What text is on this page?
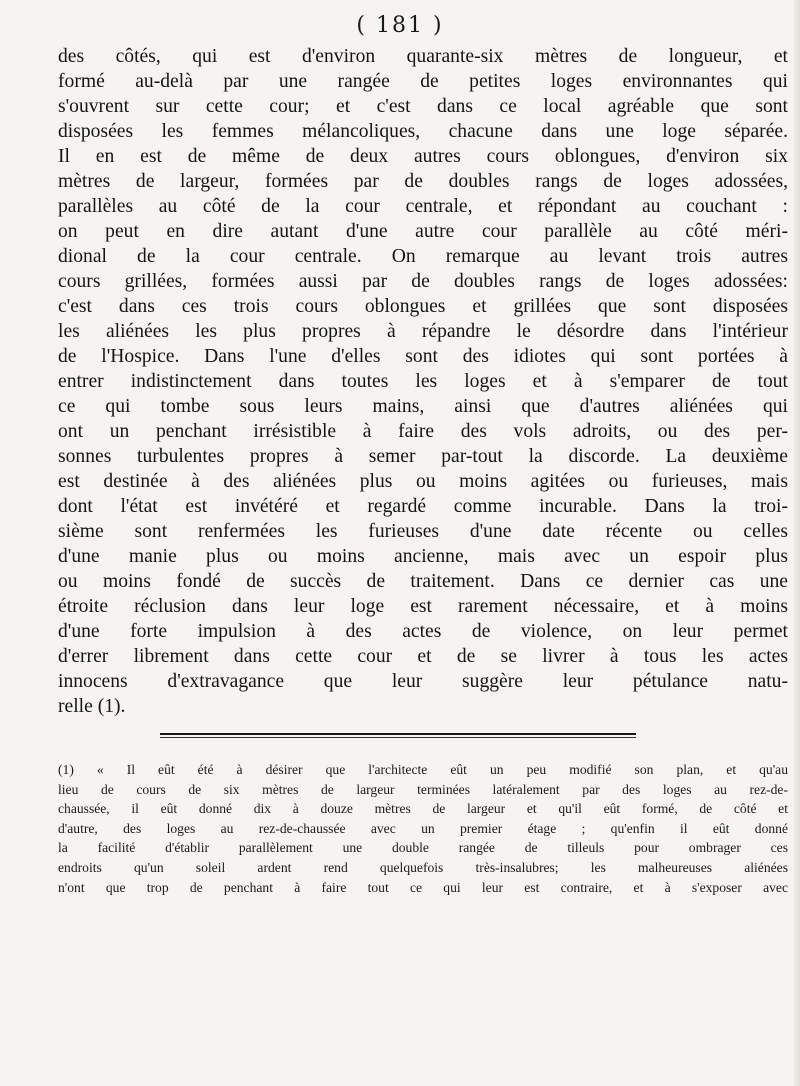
( 181 )
des côtés, qui est d'environ quarante-six mètres de longueur, et
formé au-delà par une rangée de petites loges environnantes qui
s'ouvrent sur cette cour; et c'est dans ce local agréable que sont
disposées les femmes mélancoliques, chacune dans une loge séparée.
Il en est de même de deux autres cours oblongues, d'environ six
mètres de largeur, formées par de doubles rangs de loges adossées,
parallèles au côté de la cour centrale, et répondant au couchant :
on peut en dire autant d'une autre cour parallèle au côté méri-
dional de la cour centrale. On remarque au levant trois autres
cours grillées, formées aussi par de doubles rangs de loges adossées:
c'est dans ces trois cours oblongues et grillées que sont disposées
les aliénées les plus propres à répandre le désordre dans l'intérieur
de l'Hospice. Dans l'une d'elles sont des idiotes qui sont portées à
entrer indistinctement dans toutes les loges et à s'emparer de tout
ce qui tombe sous leurs mains, ainsi que d'autres aliénées qui
ont un penchant irrésistible à faire des vols adroits, ou des per-
sonnes turbulentes propres à semer par-tout la discorde. La deuxième
est destinée à des aliénées plus ou moins agitées ou furieuses, mais
dont l'état est invétéré et regardé comme incurable. Dans la troi-
sième sont renfermées les furieuses d'une date récente ou celles
d'une manie plus ou moins ancienne, mais avec un espoir plus
ou moins fondé de succès de traitement. Dans ce dernier cas une
étroite réclusion dans leur loge est rarement nécessaire, et à moins
d'une forte impulsion à des actes de violence, on leur permet
d'errer librement dans cette cour et de se livrer à tous les actes
innocens d'extravagance que leur suggère leur pétulance natu-
relle (1).
(1) « Il eût été à désirer que l'architecte eût un peu modifié son plan, et qu'au
lieu de cours de six mètres de largeur terminées latéralement par des loges au rez-de-
chaussée, il eût donné dix à douze mètres de largeur et qu'il eût formé, de côté et
d'autre, des loges au rez-de-chaussée avec un premier étage ; qu'enfin il eût donné
la facilité d'établir parallèlement une double rangée de tilleuls pour ombrager ces
endroits qu'un soleil ardent rend quelquefois très-insalubres; les malheureuses aliénées
n'ont que trop de penchant à faire tout ce qui leur est contraire, et à s'exposer avec
